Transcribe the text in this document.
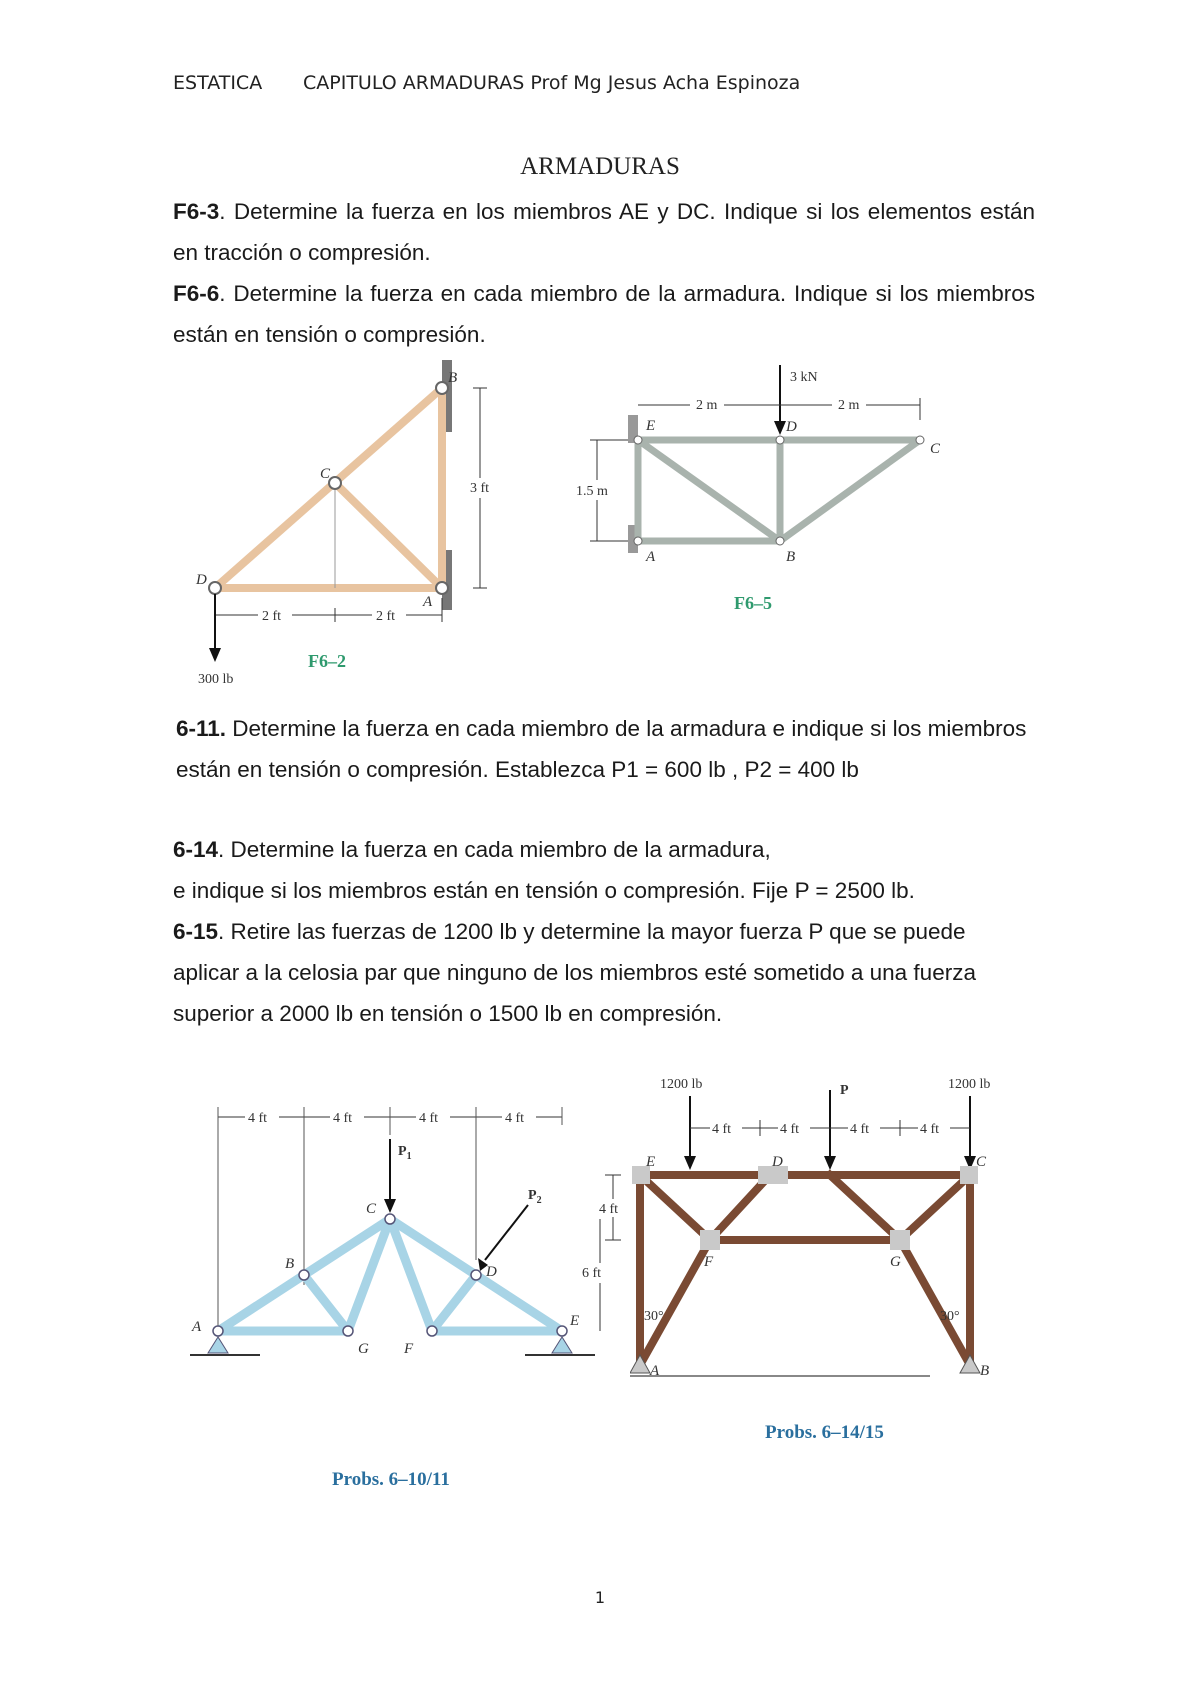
ESTATICA CAPITULO ARMADURAS Prof Mg Jesus Acha Espinoza
ARMADURAS
F6-3. Determine la fuerza en los miembros AE y DC. Indique si los elementos están en tracción o compresión.
F6-6. Determine la fuerza en cada miembro de la armadura. Indique si los miembros están en tensión o compresión.
B
C
D
A
3 ft
2 ft	2 ft
300 lb
F6–2
E	D
C
A	B
3 kN
2 m	2 m
1.5 m
F6–5
6-11. Determine la fuerza en cada miembro de la armadura e indique si los miembros están en tensión o compresión. Establezca P1 = 600 lb , P2 = 400 lb
6-14. Determine la fuerza en cada miembro de la armadura,
e indique si los miembros están en tensión o compresión. Fije P = 2500 lb.
6-15. Retire las fuerzas de 1200 lb y determine la mayor fuerza P que se puede aplicar a la celosia par que ninguno de los miembros esté sometido a una fuerza superior a 2000 lb en tensión o 1500 lb en compresión.
4 ft	4 ft	4 ft	4 ft
A
B
C
D
E
F
G
$P_1$
$P_2$
6 ft
Probs. 6–10/11
1200 lb	P	1200 lb
4 ft	4 ft	4 ft	4 ft
E	D	C
F	G
A	B
30°	30°
Probs. 6–14/15
4 ft
1
